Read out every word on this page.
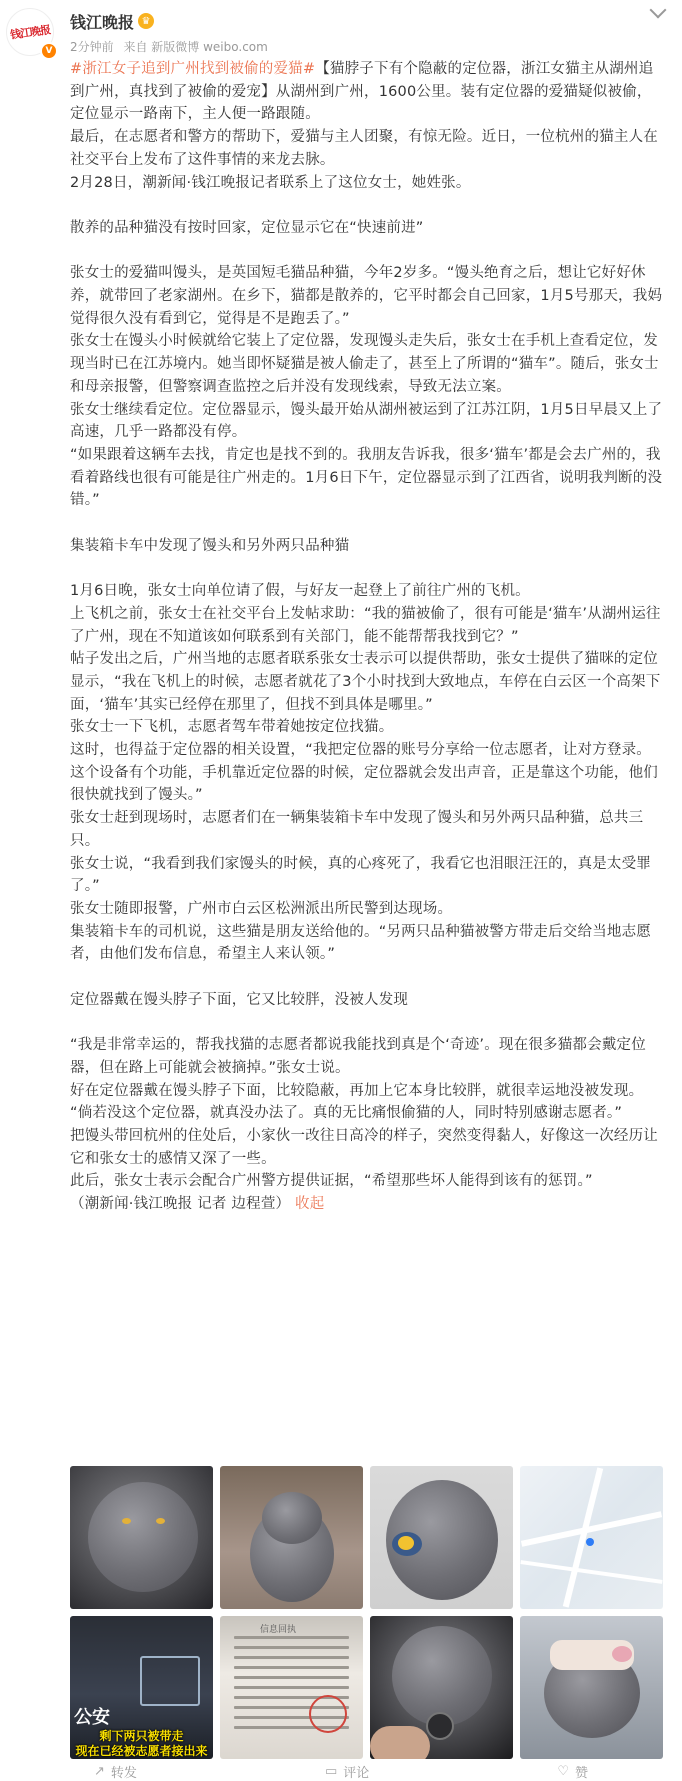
钱江晚报
V
钱江晚报 ♛
2分钟前 来自 新版微博 weibo.com

#浙江女子追到广州找到被偷的爱猫#【猫脖子下有个隐蔽的定位器，浙江女猫主从湖州追到广州，真找到了被偷的爱宠】从湖州到广州，1600公里。装有定位器的爱猫疑似被偷，定位显示一路南下，主人便一路跟随。

最后，在志愿者和警方的帮助下，爱猫与主人团聚，有惊无险。近日，一位杭州的猫主人在社交平台上发布了这件事情的来龙去脉。

2月28日，潮新闻·钱江晚报记者联系上了这位女士，她姓张。

散养的品种猫没有按时回家，定位显示它在“快速前进”

张女士的爱猫叫馒头，是英国短毛猫品种猫，今年2岁多。“馒头绝育之后，想让它好好休养，就带回了老家湖州。在乡下，猫都是散养的，它平时都会自己回家，1月5号那天，我妈觉得很久没有看到它，觉得是不是跑丢了。”

张女士在馒头小时候就给它装上了定位器，发现馒头走失后，张女士在手机上查看定位，发现当时已在江苏境内。她当即怀疑猫是被人偷走了，甚至上了所谓的“猫车”。随后，张女士和母亲报警，但警察调查监控之后并没有发现线索，导致无法立案。

张女士继续看定位。定位器显示，馒头最开始从湖州被运到了江苏江阴，1月5日早晨又上了高速，几乎一路都没有停。

“如果跟着这辆车去找，肯定也是找不到的。我朋友告诉我，很多‘猫车’都是会去广州的，我看着路线也很有可能是往广州走的。1月6日下午，定位器显示到了江西省，说明我判断的没错。”

集装箱卡车中发现了馒头和另外两只品种猫

1月6日晚，张女士向单位请了假，与好友一起登上了前往广州的飞机。

上飞机之前，张女士在社交平台上发帖求助：“我的猫被偷了，很有可能是‘猫车’从湖州运往了广州，现在不知道该如何联系到有关部门，能不能帮帮我找到它？”

帖子发出之后，广州当地的志愿者联系张女士表示可以提供帮助，张女士提供了猫咪的定位显示，“我在飞机上的时候，志愿者就花了3个小时找到大致地点，车停在白云区一个高架下面，‘猫车’其实已经停在那里了，但找不到具体是哪里。”

张女士一下飞机，志愿者驾车带着她按定位找猫。

这时，也得益于定位器的相关设置，“我把定位器的账号分享给一位志愿者，让对方登录。这个设备有个功能，手机靠近定位器的时候，定位器就会发出声音，正是靠这个功能，他们很快就找到了馒头。”

张女士赶到现场时，志愿者们在一辆集装箱卡车中发现了馒头和另外两只品种猫，总共三只。

张女士说，“我看到我们家馒头的时候，真的心疼死了，我看它也泪眼汪汪的，真是太受罪了。”

张女士随即报警，广州市白云区松洲派出所民警到达现场。

集装箱卡车的司机说，这些猫是朋友送给他的。“另两只品种猫被警方带走后交给当地志愿者，由他们发布信息，希望主人来认领。”

定位器戴在馒头脖子下面，它又比较胖，没被人发现

“我是非常幸运的，帮我找猫的志愿者都说我能找到真是个‘奇迹’。现在很多猫都会戴定位器，但在路上可能就会被摘掉。”张女士说。

好在定位器戴在馒头脖子下面，比较隐蔽，再加上它本身比较胖，就很幸运地没被发现。

“倘若没这个定位器，就真没办法了。真的无比痛恨偷猫的人，同时特别感谢志愿者。”

把馒头带回杭州的住处后，小家伙一改往日高冷的样子，突然变得黏人，好像这一次经历让它和张女士的感情又深了一些。

此后，张女士表示会配合广州警方提供证据，“希望那些坏人能得到该有的惩罚。”

（潮新闻·钱江晚报 记者 边程萱） 收起

公安
剩下两只被带走
现在已经被志愿者接出来
信息回执
↗ 转发	▭ 评论	♡ 赞
